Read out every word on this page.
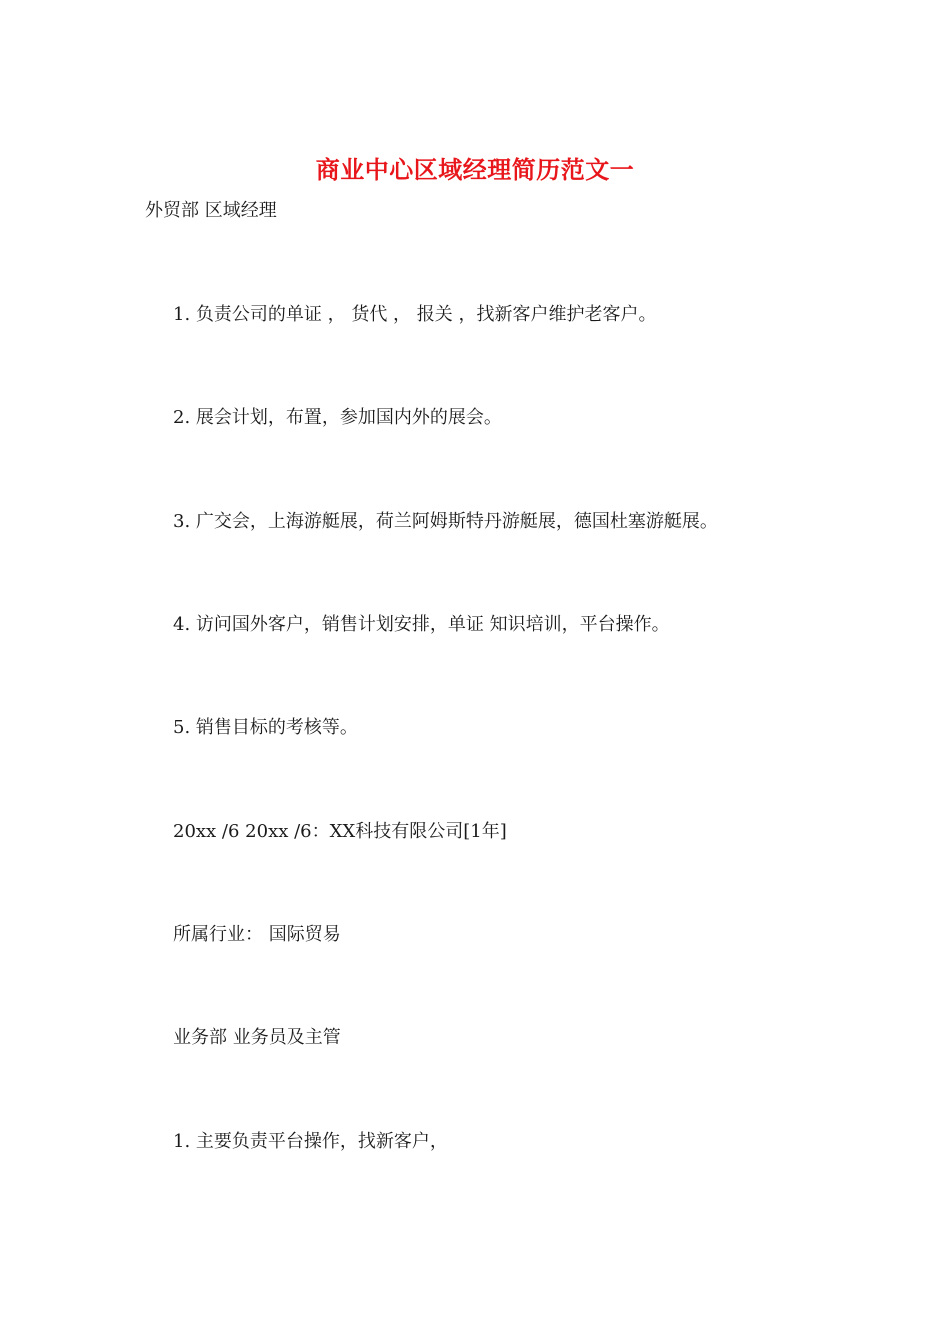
商业中心区域经理简历范文一
外贸部 区域经理
1. 负责公司的单证 ， 货代 ， 报关 ，找新客户维护老客户。
2. 展会计划，布置，参加国内外的展会。
3. 广交会，上海游艇展，荷兰阿姆斯特丹游艇展，德国杜塞游艇展。
4. 访问国外客户，销售计划安排，单证 知识培训，平台操作。
5. 销售目标的考核等。
20xx /6 20xx /6：XX科技有限公司[1年]
所属行业： 国际贸易
业务部 业务员及主管
1. 主要负责平台操作，找新客户，
